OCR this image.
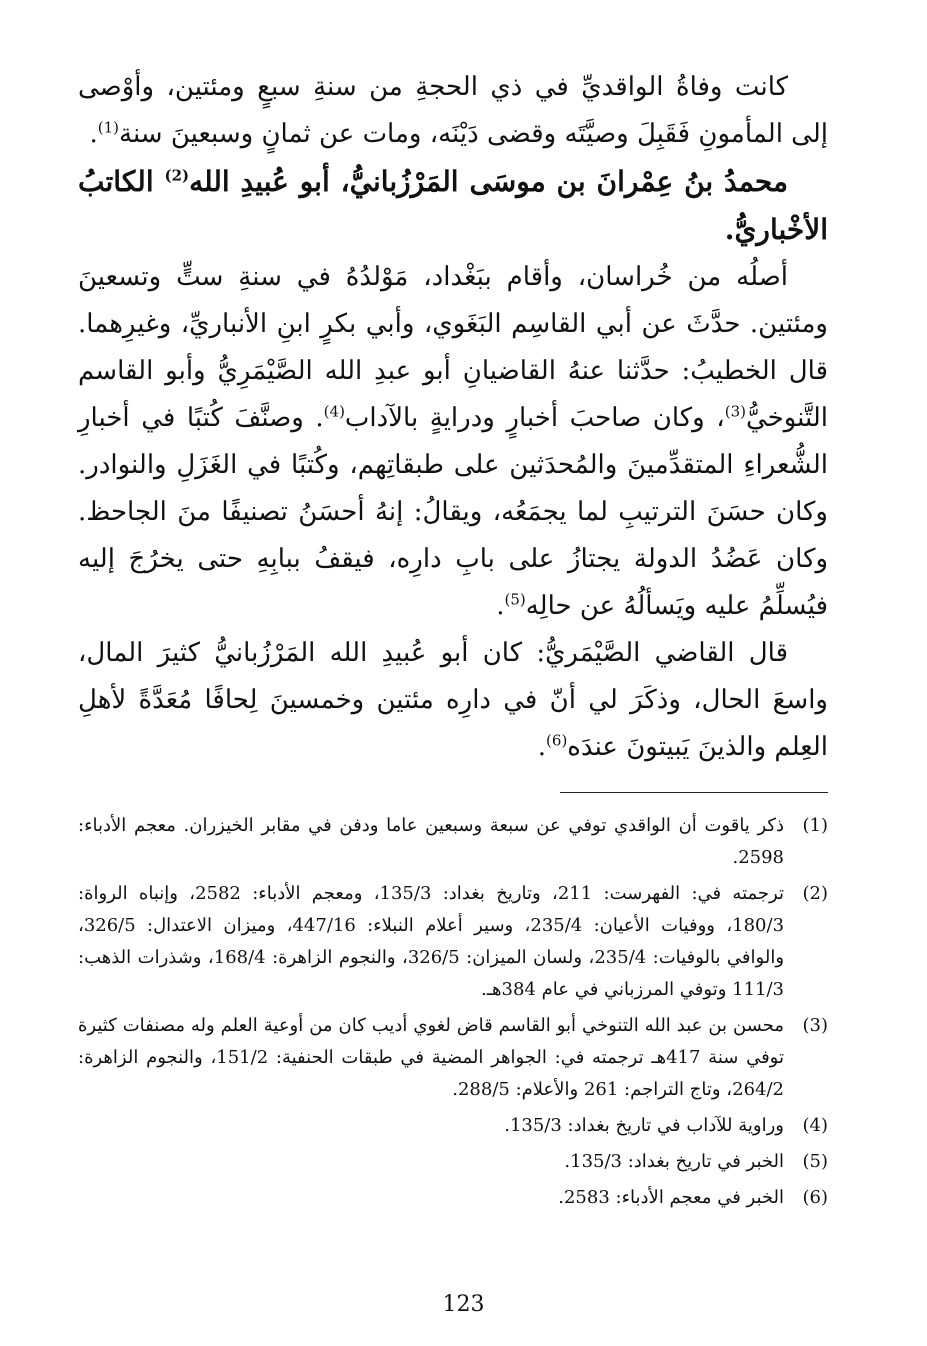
كانت وفاةُ الواقديِّ في ذي الحجةِ من سنةِ سبعٍ ومئتين، وأوْصى إلى المأمونِ فَقَبِلَ وصيَّتَه وقضى دَيْنَه، ومات عن ثمانٍ وسبعينَ سنة$^{(1)}$.

محمدُ بنُ عِمْرانَ بن موسَى المَرْزُبانيُّ، أبو عُبيدِ الله$^{(2)}$ الكاتبُ الأخْباريُّ.

أصلُه من خُراسان، وأقام ببَغْداد، مَوْلدُهُ في سنةِ ستٍّ وتسعينَ ومئتين. حدَّثَ عن أبي القاسِم البَغَوي، وأبي بكرٍ ابنِ الأنباريِّ، وغيرِهما. قال الخطيبُ: حدَّثنا عنهُ القاضيانِ أبو عبدِ الله الصَّيْمَرِيُّ وأبو القاسم التَّنوخيُّ$^{(3)}$، وكان صاحبَ أخبارٍ ودرايةٍ بالآداب$^{(4)}$. وصنَّفَ كُتبًا في أخبارِ الشُّعراءِ المتقدِّمينَ والمُحدَثين على طبقاتِهم، وكُتبًا في الغَزَلِ والنوادر. وكان حسَنَ الترتيبِ لما يجمَعُه، ويقالُ: إنهُ أحسَنُ تصنيفًا منَ الجاحظ. وكان عَضُدُ الدولة يجتازُ على بابِ دارِه، فيقفُ ببابِهِ حتى يخرُجَ إليه فيُسلِّمُ عليه ويَسألُهُ عن حالِه$^{(5)}$.

قال القاضي الصَّيْمَريُّ: كان أبو عُبيدِ الله المَرْزُبانيُّ كثيرَ المال، واسعَ الحال، وذكَرَ لي أنّ في دارِه مئتين وخمسينَ لِحافًا مُعَدَّةً لأهلِ العِلم والذينَ يَبيتونَ عندَه$^{(6)}$.

(1)
ذكر ياقوت أن الواقدي توفي عن سبعة وسبعين عاما ودفن في مقابر الخيزران. معجم الأدباء: 2598.
(2)
ترجمته في: الفهرست: 211، وتاريخ بغداد: 135/3، ومعجم الأدباء: 2582، وإنباه الرواة: 180/3، ووفيات الأعيان: 235/4، وسير أعلام النبلاء: 447/16، وميزان الاعتدال: 326/5، والوافي بالوفيات: 235/4، ولسان الميزان: 326/5، والنجوم الزاهرة: 168/4، وشذرات الذهب: 111/3 وتوفي المرزباني في عام 384هـ.
(3)
محسن بن عبد الله التنوخي أبو القاسم قاض لغوي أديب كان من أوعية العلم وله مصنفات كثيرة توفي سنة 417هـ ترجمته في: الجواهر المضية في طبقات الحنفية: 151/2، والنجوم الزاهرة: 264/2، وتاج التراجم: 261 والأعلام: 288/5.
(4)
وراوية للآداب في تاريخ بغداد: 135/3.
(5)
الخبر في تاريخ بغداد: 135/3.
(6)
الخبر في معجم الأدباء: 2583.
123
